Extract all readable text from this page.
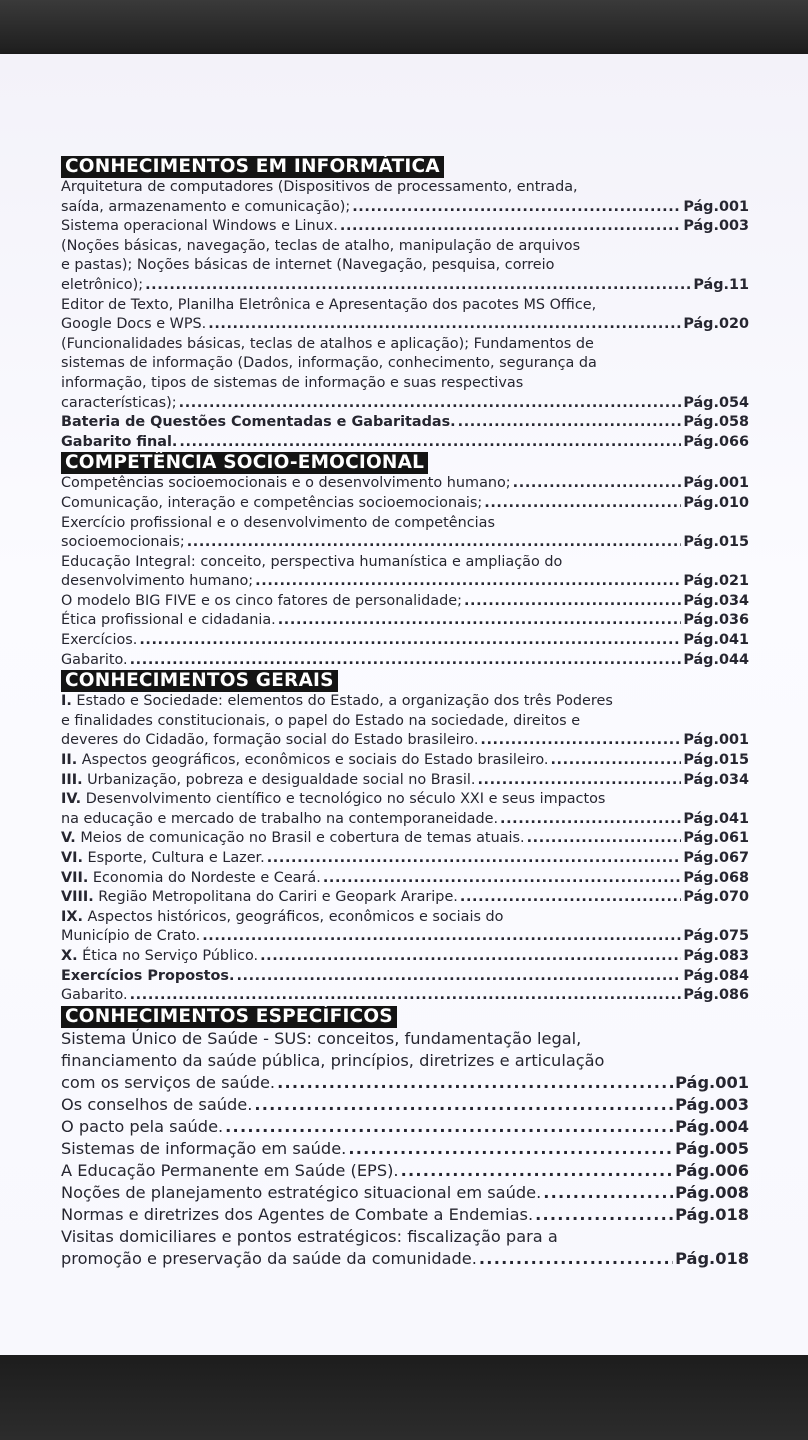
CONHECIMENTOS EM INFORMÁTICA
Arquitetura de computadores (Dispositivos de processamento, entrada,
saída, armazenamento e comunicação); . . .	Pág.001
Sistema operacional Windows e Linux. . . .	Pág.003
(Noções básicas, navegação, teclas de atalho, manipulação de arquivos
e pastas); Noções básicas de internet (Navegação, pesquisa, correio
eletrônico); . . .	Pág.11
Editor de Texto, Planilha Eletrônica e Apresentação dos pacotes MS Office,
Google Docs e WPS. . . .	Pág.020
(Funcionalidades básicas, teclas de atalhos e aplicação); Fundamentos de
sistemas de informação (Dados, informação, conhecimento, segurança da
informação, tipos de sistemas de informação e suas respectivas
características); . . .	Pág.054
Bateria de Questões Comentadas e Gabaritadas. . . .	Pág.058
Gabarito final. . . .	Pág.066
COMPETÊNCIA SOCIO-EMOCIONAL
Competências socioemocionais e o desenvolvimento humano; . . .	Pág.001
Comunicação, interação e competências socioemocionais; . . .	Pág.010
Exercício profissional e o desenvolvimento de competências
socioemocionais; . . .	Pág.015
Educação Integral: conceito, perspectiva humanística e ampliação do
desenvolvimento humano; . . .	Pág.021
O modelo BIG FIVE e os cinco fatores de personalidade; . . .	Pág.034
Ética profissional e cidadania. . . .	Pág.036
Exercícios. . . .	Pág.041
Gabarito. . . .	Pág.044
CONHECIMENTOS GERAIS
I. Estado e Sociedade: elementos do Estado, a organização dos três Poderes
e finalidades constitucionais, o papel do Estado na sociedade, direitos e
deveres do Cidadão, formação social do Estado brasileiro. . . .	Pág.001
II. Aspectos geográficos, econômicos e sociais do Estado brasileiro. . . .	Pág.015
III. Urbanização, pobreza e desigualdade social no Brasil. . . .	Pág.034
IV. Desenvolvimento científico e tecnológico no século XXI e seus impactos
na educação e mercado de trabalho na contemporaneidade. . . .	Pág.041
V. Meios de comunicação no Brasil e cobertura de temas atuais. . . .	Pág.061
VI. Esporte, Cultura e Lazer. . . .	Pág.067
VII. Economia do Nordeste e Ceará. . . .	Pág.068
VIII. Região Metropolitana do Cariri e Geopark Araripe. . . .	Pág.070
IX. Aspectos históricos, geográficos, econômicos e sociais do
Município de Crato. . . .	Pág.075
X. Ética no Serviço Público. . . .	Pág.083
Exercícios Propostos. . . .	Pág.084
Gabarito. . . .	Pág.086
CONHECIMENTOS ESPECÍFICOS
Sistema Único de Saúde - SUS: conceitos, fundamentação legal,
financiamento da saúde pública, princípios, diretrizes e articulação
com os serviços de saúde. . . .	Pág.001
Os conselhos de saúde. . . .	Pág.003
O pacto pela saúde. . . .	Pág.004
Sistemas de informação em saúde. . . .	Pág.005
A Educação Permanente em Saúde (EPS). . . .	Pág.006
Noções de planejamento estratégico situacional em saúde. . . .	Pág.008
Normas e diretrizes dos Agentes de Combate a Endemias. . . .	Pág.018
Visitas domiciliares e pontos estratégicos: fiscalização para a
promoção e preservação da saúde da comunidade. . . .	Pág.018
